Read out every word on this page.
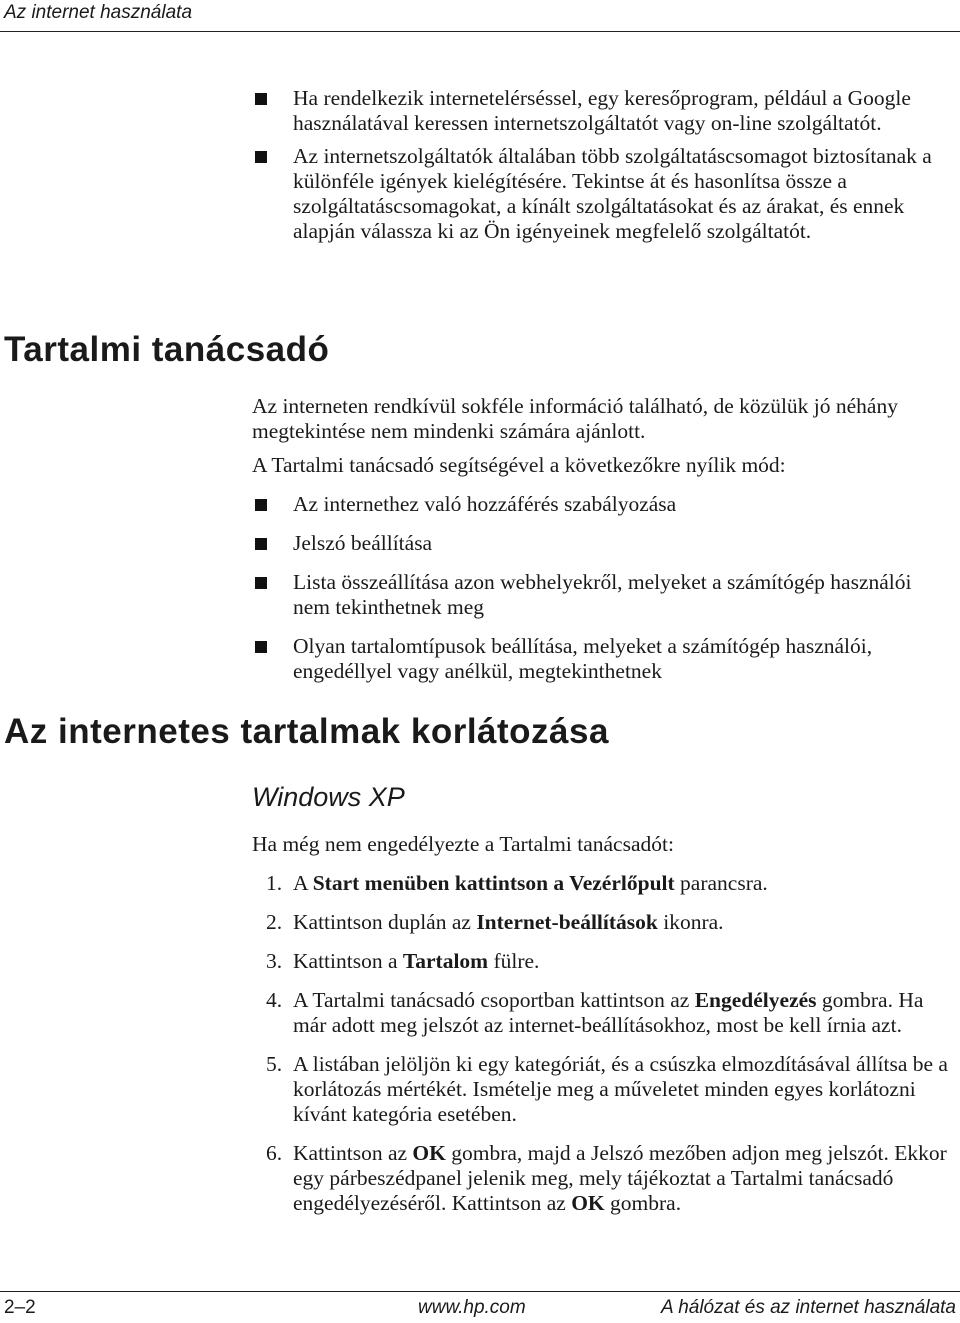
Az internet használata
Ha rendelkezik internetelérséssel, egy keresőprogram, például a Google használatával keressen internetszolgáltatót vagy on-line szolgáltatót.
Az internetszolgáltatók általában több szolgáltatáscsomagot biztosítanak a különféle igények kielégítésére. Tekintse át és hasonlítsa össze a szolgáltatáscsomagokat, a kínált szolgáltatásokat és az árakat, és ennek alapján válassza ki az Ön igényeinek megfelelő szolgáltatót.
Tartalmi tanácsadó
Az interneten rendkívül sokféle információ található, de közülük jó néhány megtekintése nem mindenki számára ajánlott.
A Tartalmi tanácsadó segítségével a következőkre nyílik mód:
Az internethez való hozzáférés szabályozása
Jelszó beállítása
Lista összeállítása azon webhelyekről, melyeket a számítógép használói nem tekinthetnek meg
Olyan tartalomtípusok beállítása, melyeket a számítógép használói, engedéllyel vagy anélkül, megtekinthetnek
Az internetes tartalmak korlátozása
Windows XP
Ha még nem engedélyezte a Tartalmi tanácsadót:
1. A Start menüben kattintson a Vezérlőpult parancsra.
2. Kattintson duplán az Internet-beállítások ikonra.
3. Kattintson a Tartalom fülre.
4. A Tartalmi tanácsadó csoportban kattintson az Engedélyezés gombra. Ha már adott meg jelszót az internet-beállításokhoz, most be kell írnia azt.
5. A listában jelöljön ki egy kategóriát, és a csúszka elmozdításával állítsa be a korlátozás mértékét. Ismételje meg a műveletet minden egyes korlátozni kívánt kategória esetében.
6. Kattintson az OK gombra, majd a Jelszó mezőben adjon meg jelszót. Ekkor egy párbeszédpanel jelenik meg, mely tájékoztat a Tartalmi tanácsadó engedélyezéséről. Kattintson az OK gombra.
2–2	www.hp.com	A hálózat és az internet használata
